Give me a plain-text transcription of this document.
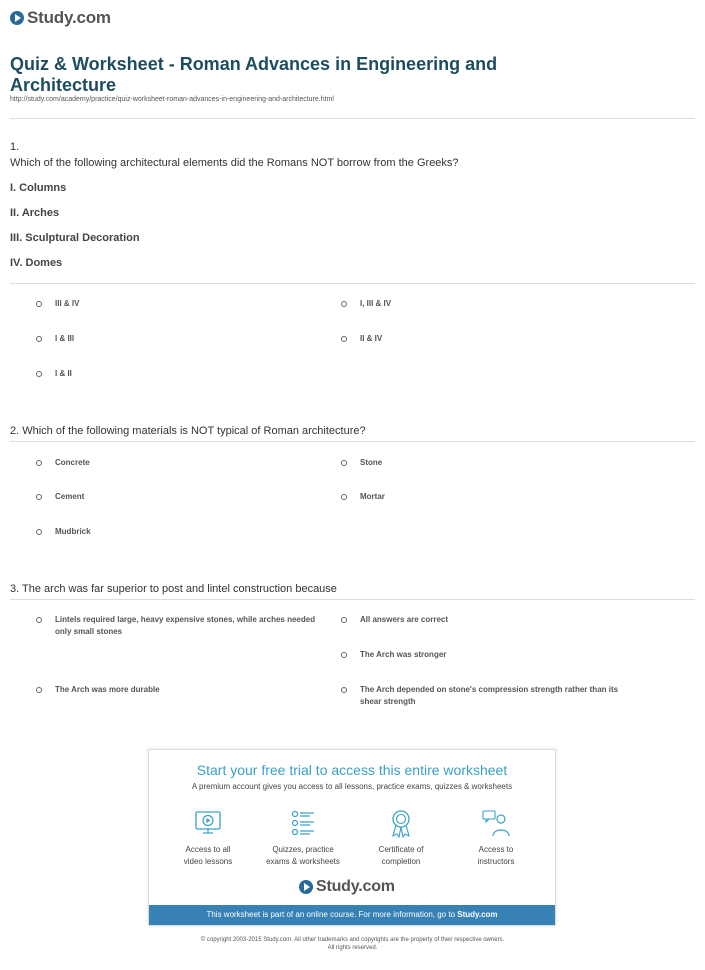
Study.com
Quiz & Worksheet - Roman Advances in Engineering and Architecture
http://study.com/academy/practice/quiz-worksheet-roman-advances-in-engineering-and-architecture.html
1.
Which of the following architectural elements did the Romans NOT borrow from the Greeks?
I. Columns
II. Arches
III. Sculptural Decoration
IV. Domes
III & IV	I, III & IV
I & III	II & IV
I & II
2. Which of the following materials is NOT typical of Roman architecture?
Concrete	Stone
Cement	Mortar
Mudbrick
3. The arch was far superior to post and lintel construction because
Lintels required large, heavy expensive stones, while arches needed only small stones
All answers are correct
The Arch was stronger
The Arch was more durable	The Arch depended on stone's compression strength rather than its shear strength
Start your free trial to access this entire worksheet
A premium account gives you access to all lessons, practice exams, quizzes & worksheets
Access to all
video lessons
Quizzes, practice
exams & worksheets
Certificate of
completion
Access to
instructors
Study.com
This worksheet is part of an online course. For more information, go to Study.com
© copyright 2003-2015 Study.com. All other trademarks and copyrights are the property of their respective owners.
All rights reserved.
